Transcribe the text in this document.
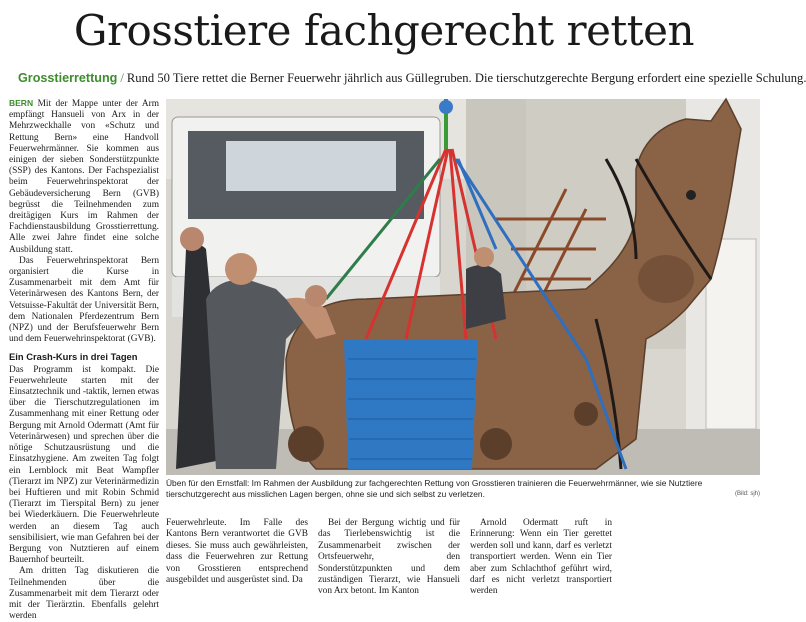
Grosstiere fachgerecht retten
Grosstierrettung / Rund 50 Tiere rettet die Berner Feuerwehr jährlich aus Güllegruben. Die tierschutzgerechte Bergung erfordert eine spezielle Schulung.

BERN Mit der Mappe unter der Arm empfängt Hansueli von Arx in der Mehrzweckhalle von «Schutz und Rettung Bern» eine Handvoll Feuerwehrmänner. Sie kommen aus einigen der sieben Sonderstützpunkte (SSP) des Kantons. Der Fachspezialist beim Feuerwehrinspektorat der Gebäudeversicherung Bern (GVB) begrüsst die Teilnehmenden zum dreitägigen Kurs im Rahmen der Fachdienstausbildung Grosstierrettung. Alle zwei Jahre findet eine solche Ausbildung statt.

Das Feuerwehrinspektorat Bern organisiert die Kurse in Zusammenarbeit mit dem Amt für Veterinärwesen des Kantons Bern, der Vetsuisse-Fakultät der Universität Bern, dem Nationalen Pferdezentrum Bern (NPZ) und der Berufsfeuerwehr Bern und dem Feuerwehrinspektorat (GVB).

Ein Crash-Kurs in drei Tagen

Das Programm ist kompakt. Die Feuerwehrleute starten mit der Einsatztechnik und -taktik, lernen etwas über die Tierschutzregulationen im Zusammenhang mit einer Rettung oder Bergung mit Arnold Odermatt (Amt für Veterinärwesen) und sprechen über die nötige Schutzausrüstung und die Einsatzhygiene. Am zweiten Tag folgt ein Lernblock mit Beat Wampfler (Tierarzt im NPZ) zur Veterinärmedizin bei Huftieren und mit Robin Schmid (Tierarzt im Tierspital Bern) zu jener bei Wiederkäuern. Die Feuerwehrleute werden an diesem Tag auch sensibilisiert, wie man Gefahren bei der Bergung von Nutztieren auf einem Bauernhof beurteilt.

Am dritten Tag diskutieren die Teilnehmenden über die Zusammenarbeit mit dem Tierarzt oder mit der Tierärztin. Ebenfalls gelehrt werden

Üben für den Ernstfall: Im Rahmen der Ausbildung zur fachgerechten Rettung von Grosstieren trainieren die Feuerwehrmänner, wie sie Nutztiere tierschutzgerecht aus misslichen Lagen bergen, ohne sie und sich selbst zu verletzen.	(Bild: sjh)

Feuerwehrleute. Im Falle des Kantons Bern verantwortet die GVB dieses. Sie muss auch gewährleisten, dass die Feuerwehren zur Rettung von Grosstieren entsprechend ausgebildet und ausgerüstet sind. Da

Bei der Bergung wichtig und für das Tierlebenswichtig ist die Zusammenarbeit zwischen der Ortsfeuerwehr, den Sonderstützpunkten und dem zuständigen Tierarzt, wie Hansueli von Arx betont. Im Kanton

Arnold Odermatt ruft in Erinnerung: Wenn ein Tier gerettet werden soll und kann, darf es verletzt transportiert werden. Wenn ein Tier aber zum Schlachthof geführt wird, darf es nicht verletzt transportiert werden
